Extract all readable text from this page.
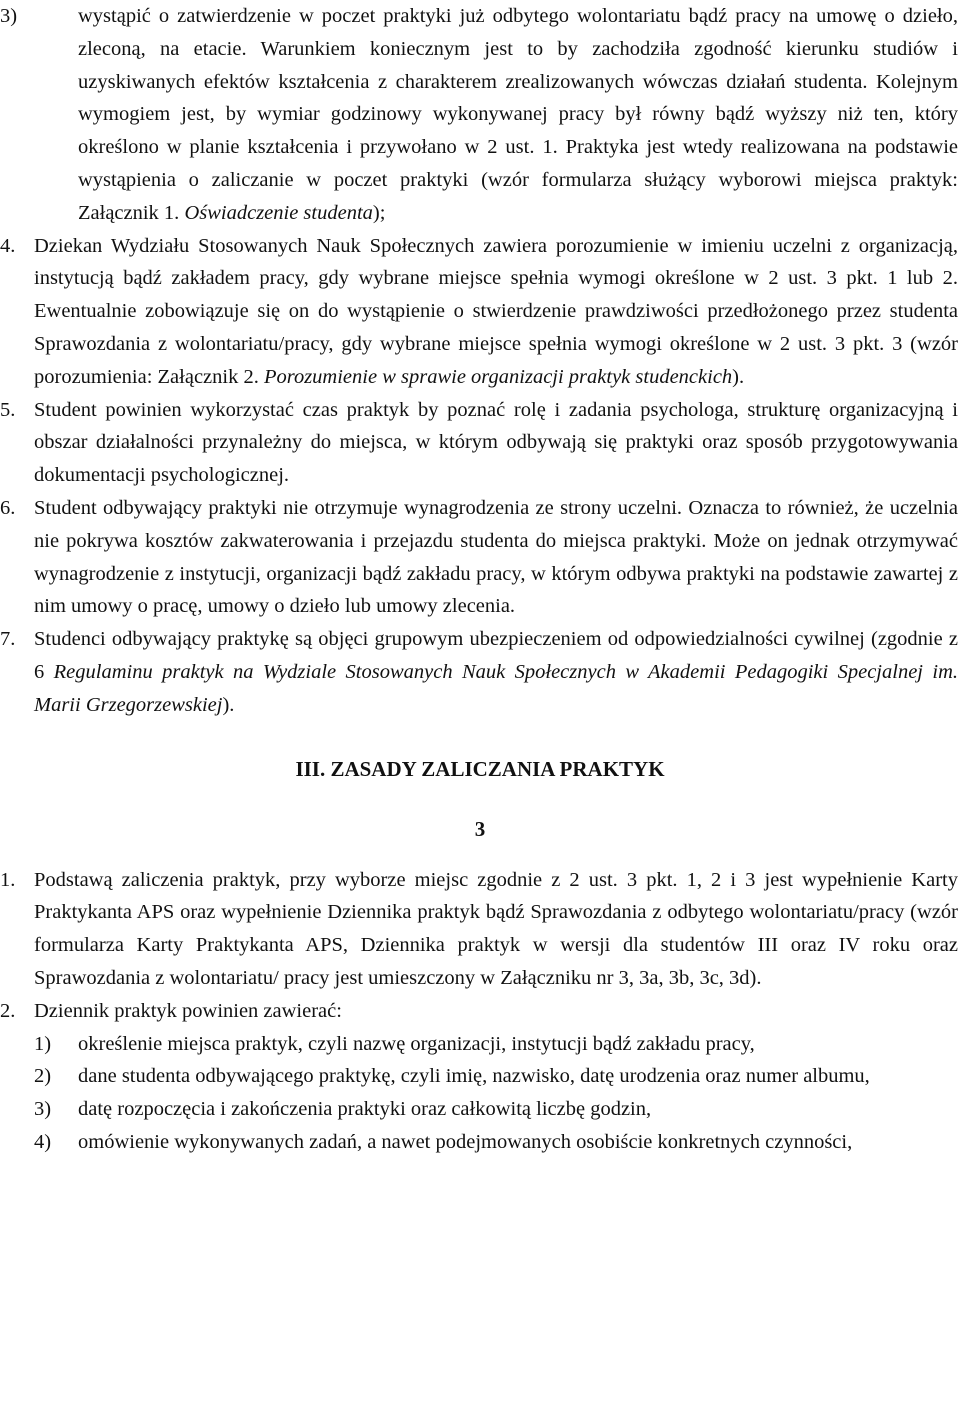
3)	wystąpić o zatwierdzenie w poczet praktyki już odbytego wolontariatu bądź pracy na umowę o dzieło, zleconą, na etacie. Warunkiem koniecznym jest to by zachodziła zgodność kierunku studiów i uzyskiwanych efektów kształcenia z charakterem zrealizowanych wówczas działań studenta. Kolejnym wymogiem jest, by wymiar godzinowy wykonywanej pracy był równy bądź wyższy niż ten, który określono w planie kształcenia i przywołano w 2 ust. 1. Praktyka jest wtedy realizowana na podstawie wystąpienia o zaliczanie w poczet praktyki (wzór formularza służący wyborowi miejsca praktyk: Załącznik 1. Oświadczenie studenta);
4. Dziekan Wydziału Stosowanych Nauk Społecznych zawiera porozumienie w imieniu uczelni z organizacją, instytucją bądź zakładem pracy, gdy wybrane miejsce spełnia wymogi określone w 2 ust. 3 pkt. 1 lub 2. Ewentualnie zobowiązuje się on do wystąpienie o stwierdzenie prawdziwości przedłożonego przez studenta Sprawozdania z wolontariatu/pracy, gdy wybrane miejsce spełnia wymogi określone w 2 ust. 3 pkt. 3 (wzór porozumienia: Załącznik 2. Porozumienie w sprawie organizacji praktyk studenckich).
5. Student powinien wykorzystać czas praktyk by poznać rolę i zadania psychologa, strukturę organizacyjną i obszar działalności przynależny do miejsca, w którym odbywają się praktyki oraz sposób przygotowywania dokumentacji psychologicznej.
6. Student odbywający praktyki nie otrzymuje wynagrodzenia ze strony uczelni. Oznacza to również, że uczelnia nie pokrywa kosztów zakwaterowania i przejazdu studenta do miejsca praktyki. Może on jednak otrzymywać wynagrodzenie z instytucji, organizacji bądź zakładu pracy, w którym odbywa praktyki na podstawie zawartej z nim umowy o pracę, umowy o dzieło lub umowy zlecenia.
7. Studenci odbywający praktykę są objęci grupowym ubezpieczeniem od odpowiedzialności cywilnej (zgodnie z 6 Regulaminu praktyk na Wydziale Stosowanych Nauk Społecznych w Akademii Pedagogiki Specjalnej im. Marii Grzegorzewskiej).
III. ZASADY ZALICZANIA PRAKTYK
3
1. Podstawą zaliczenia praktyk, przy wyborze miejsc zgodnie z 2 ust. 3 pkt. 1, 2 i 3 jest wypełnienie Karty Praktykanta APS oraz wypełnienie Dziennika praktyk bądź Sprawozdania z odbytego wolontariatu/pracy (wzór formularza Karty Praktykanta APS, Dziennika praktyk w wersji dla studentów III oraz IV roku oraz Sprawozdania z wolontariatu/ pracy jest umieszczony w Załączniku nr 3, 3a, 3b, 3c, 3d).
2. Dziennik praktyk powinien zawierać:
1) określenie miejsca praktyk, czyli nazwę organizacji, instytucji bądź zakładu pracy,
2) dane studenta odbywającego praktykę, czyli imię, nazwisko, datę urodzenia oraz numer albumu,
3) datę rozpoczęcia i zakończenia praktyki oraz całkowitą liczbę godzin,
4) omówienie wykonywanych zadań, a nawet podejmowanych osobiście konkretnych czynności,
